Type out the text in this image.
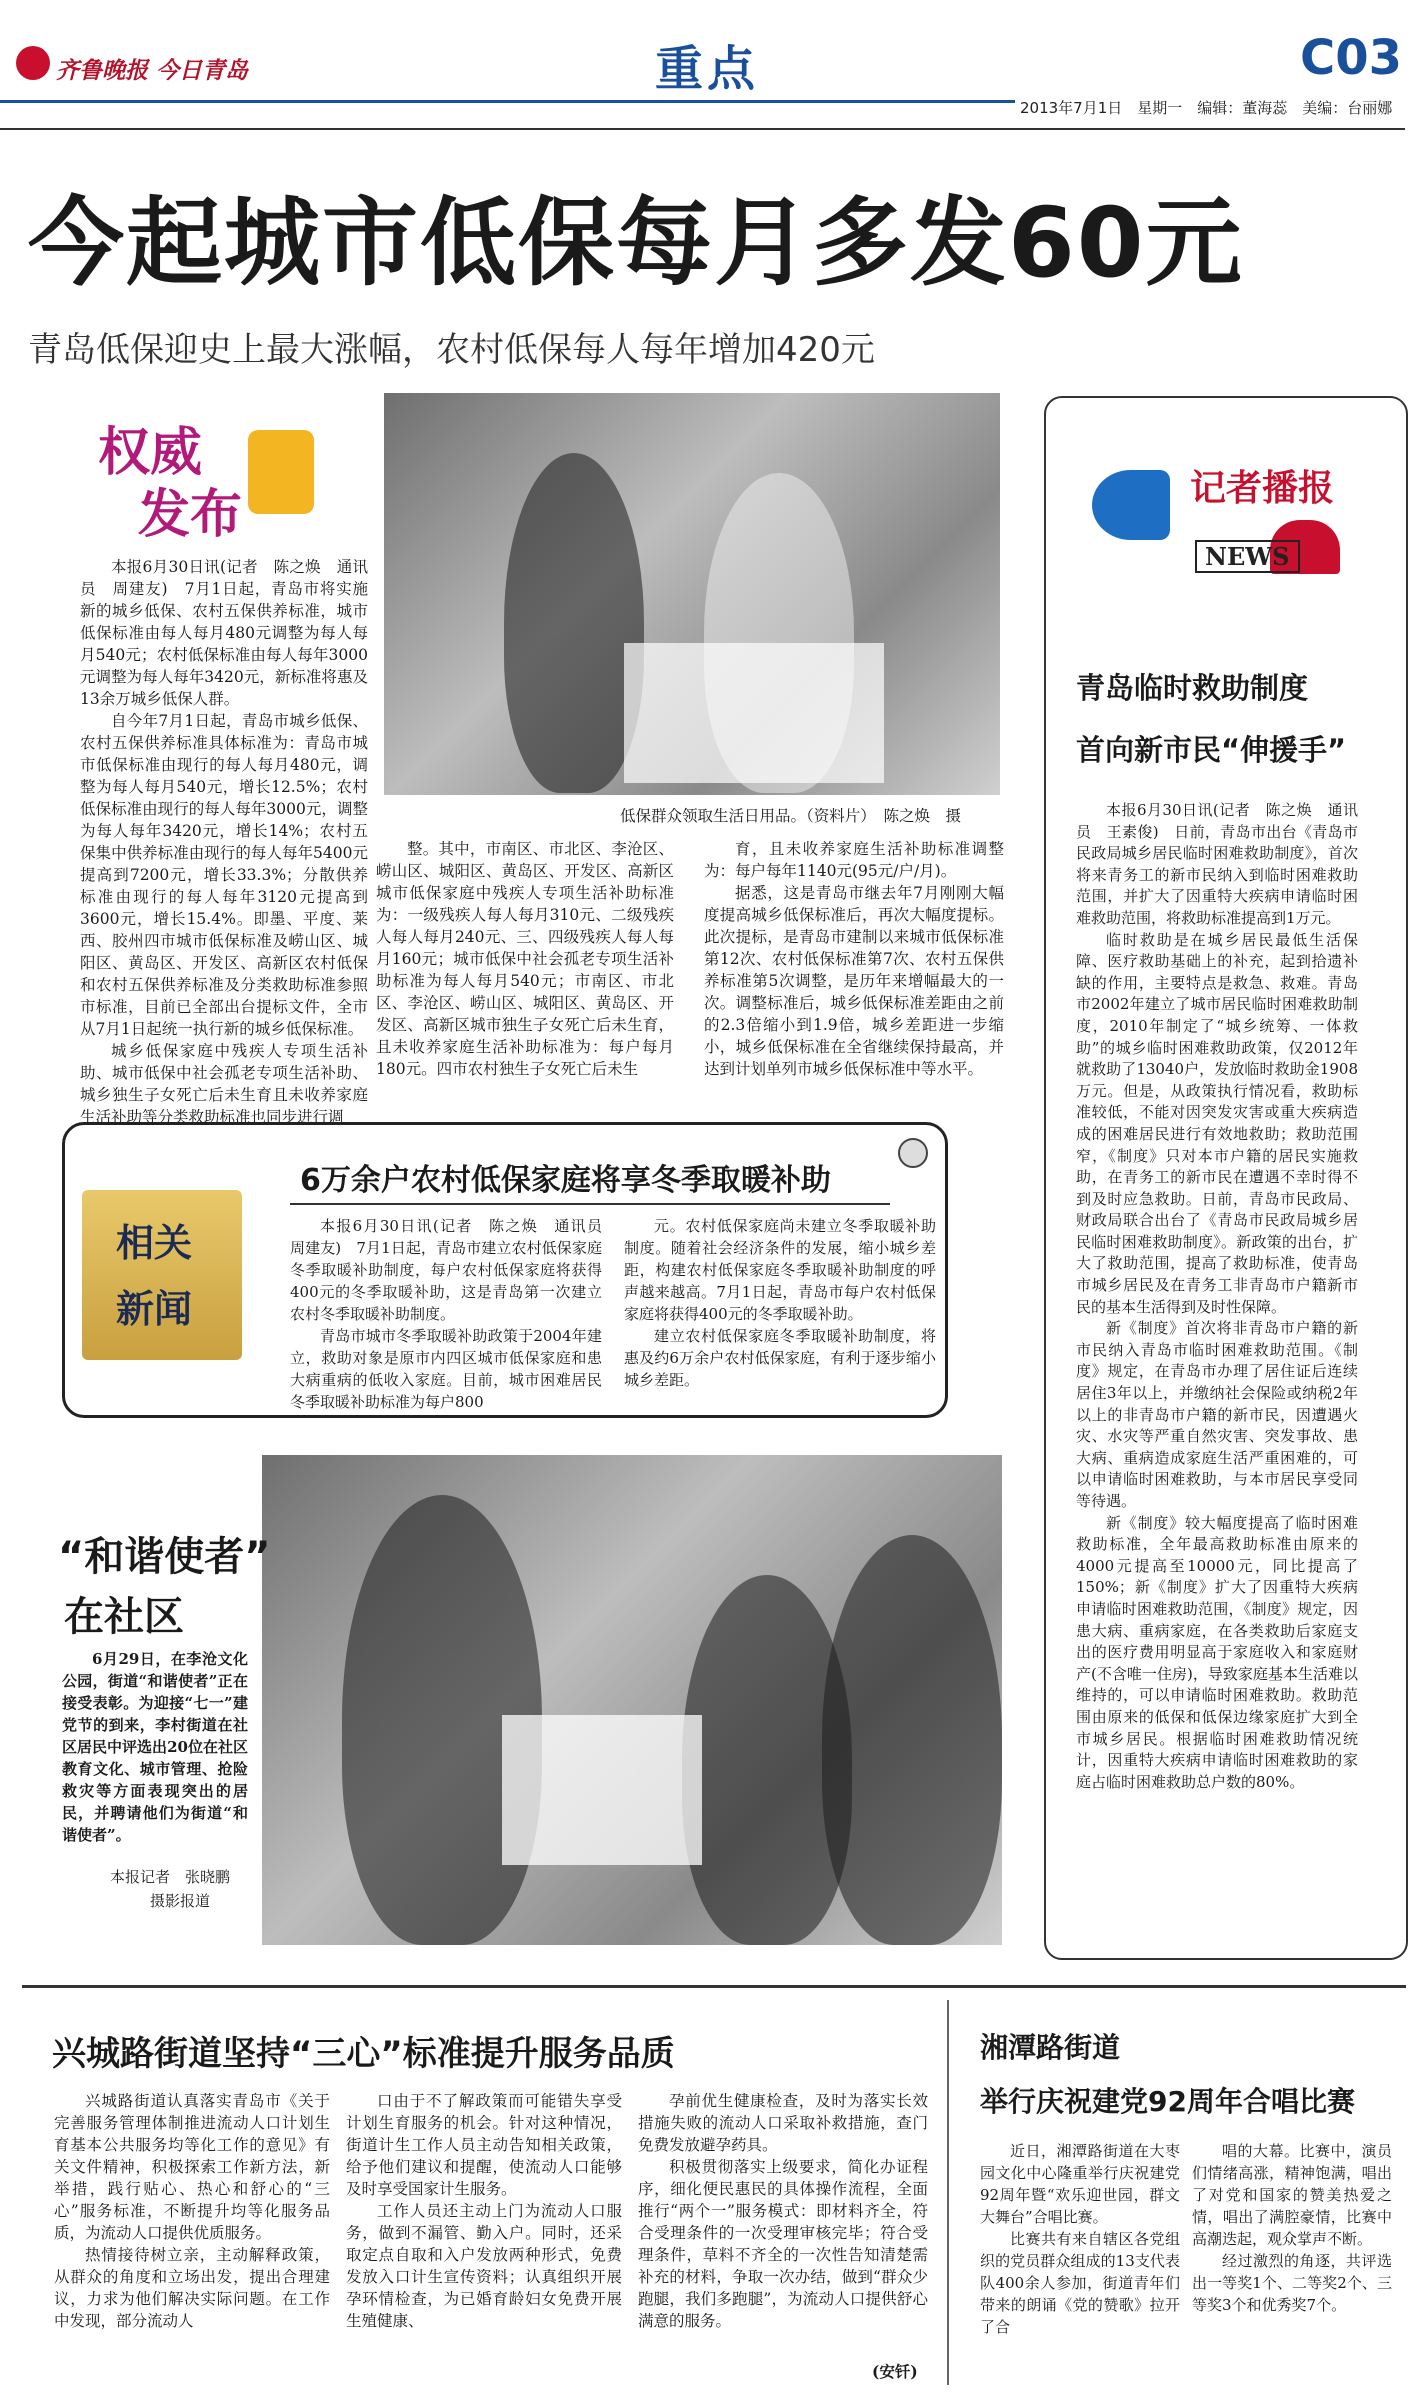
齐鲁晚报 今日青岛	重点	C03
2013年7月1日　星期一　编辑：董海蕊　美编：台丽娜
今起城市低保每月多发60元
青岛低保迎史上最大涨幅，农村低保每人每年增加420元
权威
发布
低保群众领取生活日用品。（资料片）　陈之焕　摄

本报6月30日讯(记者　陈之焕　通讯员　周建友)　7月1日起，青岛市将实施新的城乡低保、农村五保供养标准，城市低保标准由每人每月480元调整为每人每月540元；农村低保标准由每人每年3000元调整为每人每年3420元，新标准将惠及13余万城乡低保人群。

自今年7月1日起，青岛市城乡低保、农村五保供养标准具体标准为：青岛市城市低保标准由现行的每人每月480元，调整为每人每月540元，增长12.5%；农村低保标准由现行的每人每年3000元，调整为每人每年3420元，增长14%；农村五保集中供养标准由现行的每人每年5400元提高到7200元，增长33.3%；分散供养标准由现行的每人每年3120元提高到3600元，增长15.4%。即墨、平度、莱西、胶州四市城市低保标准及崂山区、城阳区、黄岛区、开发区、高新区农村低保和农村五保供养标准及分类救助标准参照市标准，目前已全部出台提标文件，全市从7月1日起统一执行新的城乡低保标准。

城乡低保家庭中残疾人专项生活补助、城市低保中社会孤老专项生活补助、城乡独生子女死亡后未生育且未收养家庭生活补助等分类救助标准也同步进行调

整。其中，市南区、市北区、李沧区、崂山区、城阳区、黄岛区、开发区、高新区城市低保家庭中残疾人专项生活补助标准为：一级残疾人每人每月310元、二级残疾人每人每月240元、三、四级残疾人每人每月160元；城市低保中社会孤老专项生活补助标准为每人每月540元；市南区、市北区、李沧区、崂山区、城阳区、黄岛区、开发区、高新区城市独生子女死亡后未生育，且未收养家庭生活补助标准为：每户每月180元。四市农村独生子女死亡后未生

育，且未收养家庭生活补助标准调整为：每户每年1140元(95元/户/月)。

据悉，这是青岛市继去年7月刚刚大幅度提高城乡低保标准后，再次大幅度提标。此次提标，是青岛市建制以来城市低保标准第12次、农村低保标准第7次、农村五保供养标准第5次调整，是历年来增幅最大的一次。调整标准后，城乡低保标准差距由之前的2.3倍缩小到1.9倍，城乡差距进一步缩小，城乡低保标准在全省继续保持最高，并达到计划单列市城乡低保标准中等水平。

相关
新闻
6万余户农村低保家庭将享冬季取暖补助

本报6月30日讯(记者　陈之焕　通讯员　周建友)　7月1日起，青岛市建立农村低保家庭冬季取暖补助制度，每户农村低保家庭将获得400元的冬季取暖补助，这是青岛第一次建立农村冬季取暖补助制度。

青岛市城市冬季取暖补助政策于2004年建立，救助对象是原市内四区城市低保家庭和患大病重病的低收入家庭。目前，城市困难居民冬季取暖补助标准为每户800

元。农村低保家庭尚未建立冬季取暖补助制度。随着社会经济条件的发展，缩小城乡差距，构建农村低保家庭冬季取暖补助制度的呼声越来越高。7月1日起，青岛市每户农村低保家庭将获得400元的冬季取暖补助。

建立农村低保家庭冬季取暖补助制度，将惠及约6万余户农村低保家庭，有利于逐步缩小城乡差距。

“和谐使者”
在社区
6月29日，在李沧文化公园，街道“和谐使者”正在接受表彰。为迎接“七一”建党节的到来，李村街道在社区居民中评选出20位在社区教育文化、城市管理、抢险救灾等方面表现突出的居民，并聘请他们为街道“和谐使者”。
本报记者　张晓鹏
摄影报道
记者播报
NEWS
青岛临时救助制度
首向新市民“伸援手”

本报6月30日讯(记者　陈之焕　通讯员　王素俊)　日前，青岛市出台《青岛市民政局城乡居民临时困难救助制度》，首次将来青务工的新市民纳入到临时困难救助范围，并扩大了因重特大疾病申请临时困难救助范围，将救助标准提高到1万元。

临时救助是在城乡居民最低生活保障、医疗救助基础上的补充，起到拾遗补缺的作用，主要特点是救急、救难。青岛市2002年建立了城市居民临时困难救助制度，2010年制定了“城乡统筹、一体救助”的城乡临时困难救助政策，仅2012年就救助了13040户，发放临时救助金1908万元。但是，从政策执行情况看，救助标准较低，不能对因突发灾害或重大疾病造成的困难居民进行有效地救助；救助范围窄，《制度》只对本市户籍的居民实施救助，在青务工的新市民在遭遇不幸时得不到及时应急救助。日前，青岛市民政局、财政局联合出台了《青岛市民政局城乡居民临时困难救助制度》。新政策的出台，扩大了救助范围，提高了救助标准，使青岛市城乡居民及在青务工非青岛市户籍新市民的基本生活得到及时性保障。

新《制度》首次将非青岛市户籍的新市民纳入青岛市临时困难救助范围。《制度》规定，在青岛市办理了居住证后连续居住3年以上，并缴纳社会保险或纳税2年以上的非青岛市户籍的新市民，因遭遇火灾、水灾等严重自然灾害、突发事故、患大病、重病造成家庭生活严重困难的，可以申请临时困难救助，与本市居民享受同等待遇。

新《制度》较大幅度提高了临时困难救助标准，全年最高救助标准由原来的4000元提高至10000元，同比提高了150%；新《制度》扩大了因重特大疾病申请临时困难救助范围，《制度》规定，因患大病、重病家庭，在各类救助后家庭支出的医疗费用明显高于家庭收入和家庭财产(不含唯一住房)，导致家庭基本生活难以维持的，可以申请临时困难救助。救助范围由原来的低保和低保边缘家庭扩大到全市城乡居民。根据临时困难救助情况统计，因重特大疾病申请临时困难救助的家庭占临时困难救助总户数的80%。

兴城路街道坚持“三心”标准提升服务品质

兴城路街道认真落实青岛市《关于完善服务管理体制推进流动人口计划生育基本公共服务均等化工作的意见》有关文件精神，积极探索工作新方法，新举措，践行贴心、热心和舒心的“三心”服务标准，不断提升均等化服务品质，为流动人口提供优质服务。

热情接待树立亲，主动解释政策，从群众的角度和立场出发，提出合理建议，力求为他们解决实际问题。在工作中发现，部分流动人

口由于不了解政策而可能错失享受计划生育服务的机会。针对这种情况，街道计生工作人员主动告知相关政策，给予他们建议和提醒，使流动人口能够及时享受国家计生服务。

工作人员还主动上门为流动人口服务，做到不漏管、勤入户。同时，还采取定点自取和入户发放两种形式，免费发放入口计生宣传资料；认真组织开展孕环情检查，为已婚育龄妇女免费开展生殖健康、

孕前优生健康检查，及时为落实长效措施失败的流动人口采取补救措施，查门免费发放避孕药具。

积极贯彻落实上级要求，简化办证程序，细化便民惠民的具体操作流程，全面推行“两个一”服务模式：即材料齐全，符合受理条件的一次受理审核完毕；符合受理条件，草料不齐全的一次性告知清楚需补充的材料，争取一次办结，做到“群众少跑腿，我们多跑腿”，为流动人口提供舒心满意的服务。

(安钎)
湘潭路街道
举行庆祝建党92周年合唱比赛

近日，湘潭路街道在大枣园文化中心隆重举行庆祝建党92周年暨“欢乐迎世园，群文大舞台”合唱比赛。

比赛共有来自辖区各党组织的党员群众组成的13支代表队400余人参加，街道青年们带来的朗诵《党的赞歌》拉开了合

唱的大幕。比赛中，演员们情绪高涨，精神饱满，唱出了对党和国家的赞美热爱之情，唱出了满腔豪情，比赛中高潮迭起，观众掌声不断。

经过激烈的角逐，共评选出一等奖1个、二等奖2个、三等奖3个和优秀奖7个。
